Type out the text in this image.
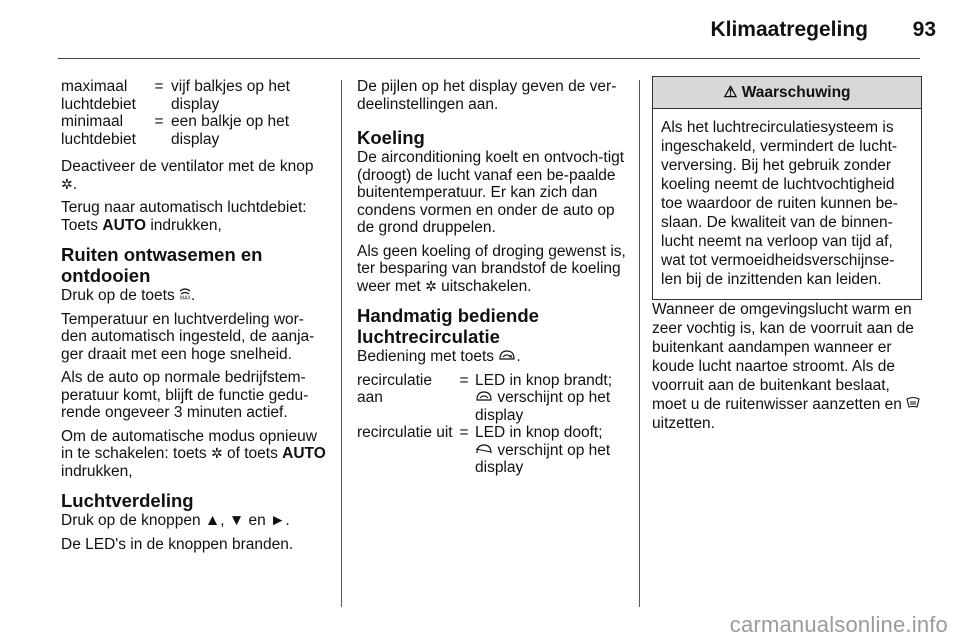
Klimaatregeling	93
maximaal luchtdebiet	=	vijf balkjes op het display
minimaal luchtdebiet	=	een balkje op het display

Deactiveer de ventilator met de knop ✲.

Terug naar automatisch luchtdebiet: Toets AUTO indrukken,

Ruiten ontwasemen en ontdooien

Druk op de toets MAX .

Temperatuur en luchtverdeling wor-den automatisch ingesteld, de aanja-ger draait met een hoge snelheid.

Als de auto op normale bedrijfstem-peratuur komt, blijft de functie gedu-rende ongeveer 3 minuten actief.

Om de automatische modus opnieuw in te schakelen: toets ✲ of toets AUTO indrukken,

Luchtverdeling

Druk op de knoppen ▲, ▼ en ►.

De LED's in de knoppen branden.

De pijlen op het display geven de ver-deelinstellingen aan.

Koeling

De airconditioning koelt en ontvoch-tigt (droogt) de lucht vanaf een be-paalde buitentemperatuur. Er kan zich dan condens vormen en onder de auto op de grond druppelen.

Als geen koeling of droging gewenst is, ter besparing van brandstof de koeling weer met ✲ uitschakelen.

Handmatig bediende luchtrecirculatie

Bediening met toets .

recirculatie aan	=	LED in knop brandt;
verschijnt op het display
recirculatie uit	=	LED in knop dooft;
verschijnt op het display
⚠ Waarschuwing
Als het luchtrecirculatiesysteem is ingeschakeld, vermindert de lucht-verversing. Bij het gebruik zonder koeling neemt de luchtvochtigheid toe waardoor de ruiten kunnen be-slaan. De kwaliteit van de binnen-lucht neemt na verloop van tijd af, wat tot vermoeidheidsverschijnse-len bij de inzittenden kan leiden.

Wanneer de omgevingslucht warm en zeer vochtig is, kan de voorruit aan de buitenkant aandampen wanneer er koude lucht naartoe stroomt. Als de voorruit aan de buitenkant beslaat, moet u de ruitenwisser aanzetten en  uitzetten.

carmanualsonline.info
